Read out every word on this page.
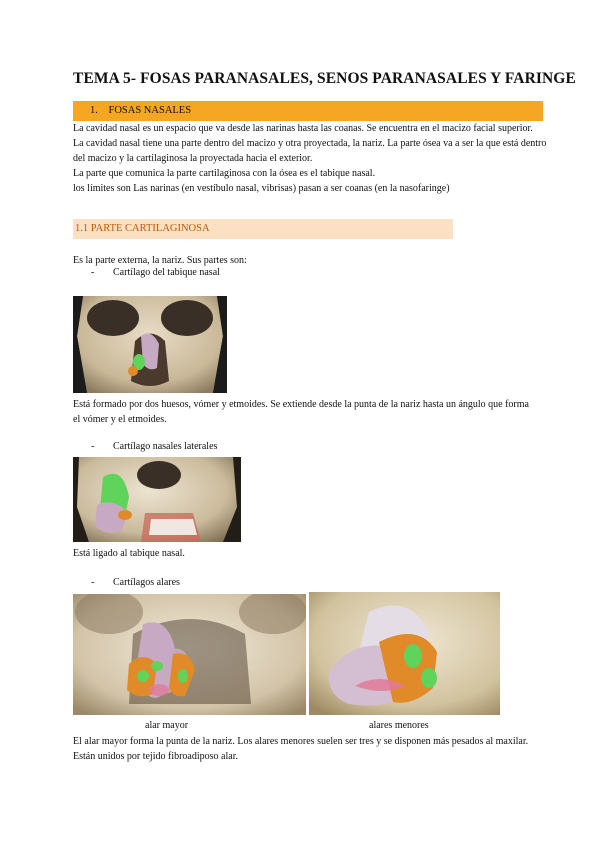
TEMA 5- FOSAS PARANASALES, SENOS PARANASALES Y FARINGE
1. FOSAS NASALES

La cavidad nasal es un espacio que va desde las narinas hasta las coanas. Se encuentra en el macizo facial superior.

La cavidad nasal tiene una parte dentro del macizo y otra proyectada, la nariz. La parte ósea va a ser la que está dentro del macizo y la cartilaginosa la proyectada hacia el exterior.

La parte que comunica la parte cartilaginosa con la ósea es el tabique nasal.

los límites son Las narinas (en vestíbulo nasal, vibrisas) pasan a ser coanas (en la nasofaringe)

1.1 PARTE CARTILAGINOSA
Es la parte externa, la nariz. Sus partes son:
- Cartílago del tabique nasal
Está formado por dos huesos, vómer y etmoides. Se extiende desde la punta de la nariz hasta un ángulo que forma el vómer y el etmoides.
- Cartílago nasales laterales
Está ligado al tabique nasal.
- Cartílagos alares
alar mayor	alares menores
El alar mayor forma la punta de la nariz. Los alares menores suelen ser tres y se disponen más pesados al maxilar. Están unidos por tejido fibroadiposo alar.
